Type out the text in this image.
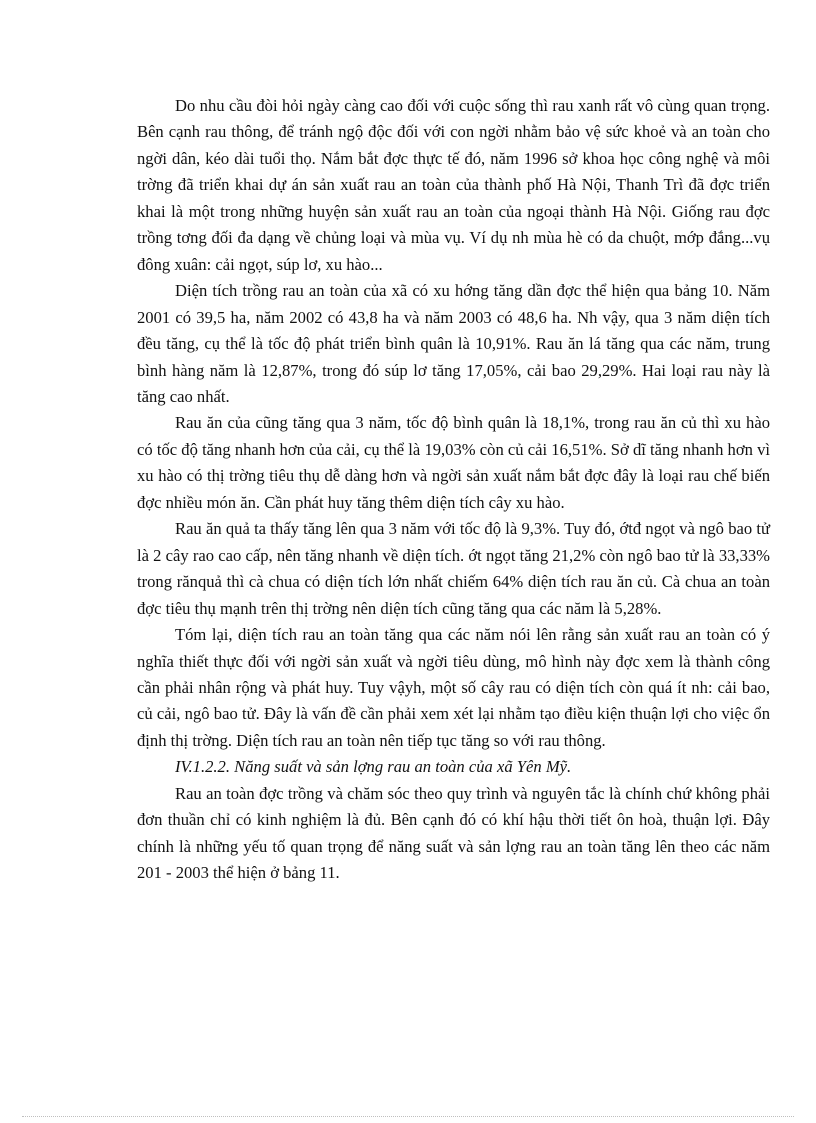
Do nhu cầu đòi hỏi ngày càng cao đối với cuộc sống thì rau xanh rất vô cùng quan trọng. Bên cạnh rau thông, để tránh ngộ độc đối với con ngời nhằm bảo vệ sức khoẻ và an toàn cho ngời dân, kéo dài tuổi thọ. Nắm bắt đợc thực tế đó, năm 1996 sở khoa học công nghệ và môi trờng đã triển khai dự án sản xuất rau an toàn của thành phố Hà Nội, Thanh Trì đã đợc triển khai là một trong những huyện sản xuất rau an toàn của ngoại thành Hà Nội. Giống rau đợc trồng tơng đối đa dạng về chủng loại và mùa vụ. Ví dụ nh mùa hè có da chuột, mớp đắng...vụ đông xuân: cải ngọt, súp lơ, xu hào...

Diện tích trồng rau an toàn của xã có xu hớng tăng dần đợc thể hiện qua bảng 10. Năm 2001 có 39,5 ha, năm 2002 có 43,8 ha và năm 2003 có 48,6 ha. Nh vậy, qua 3 năm diện tích đều tăng, cụ thể là tốc độ phát triển bình quân là 10,91%. Rau ăn lá tăng qua các năm, trung bình hàng năm là 12,87%, trong đó súp lơ tăng 17,05%, cải bao 29,29%. Hai loại rau này là tăng cao nhất.

Rau ăn của cũng tăng qua 3 năm, tốc độ bình quân là 18,1%, trong rau ăn củ thì xu hào có tốc độ tăng nhanh hơn của cải, cụ thể là 19,03% còn củ cải 16,51%. Sở dĩ tăng nhanh hơn vì xu hào có thị trờng tiêu thụ dễ dàng hơn và ngời sản xuất nắm bắt đợc đây là loại rau chế biến đợc nhiều món ăn. Cần phát huy tăng thêm diện tích cây xu hào.

Rau ăn quả ta thấy tăng lên qua 3 năm với tốc độ là 9,3%. Tuy đó, ớtđ ngọt và ngô bao tử là 2 cây rao cao cấp, nên tăng nhanh về diện tích. ớt ngọt tăng 21,2% còn ngô bao tử là 33,33% trong rănquả thì cà chua có diện tích lớn nhất chiếm 64% diện tích rau ăn củ. Cà chua an toàn đợc tiêu thụ mạnh trên thị trờng nên diện tích cũng tăng qua các năm là 5,28%.

Tóm lại, diện tích rau an toàn tăng qua các năm nói lên rằng sản xuất rau an toàn có ý nghĩa thiết thực đối với ngời sản xuất và ngời tiêu dùng, mô hình này đợc xem là thành công cần phải nhân rộng và phát huy. Tuy vậyh, một số cây rau có diện tích còn quá ít nh: cải bao, củ cải, ngô bao tử. Đây là vấn đề cần phải xem xét lại nhằm tạo điều kiện thuận lợi cho việc ổn định thị trờng. Diện tích rau an toàn nên tiếp tục tăng so với rau thông.

IV.1.2.2. Năng suất và sản lợng rau an toàn của xã Yên Mỹ.

Rau an toàn đợc trồng và chăm sóc theo quy trình và nguyên tắc là chính chứ không phải đơn thuần chỉ có kinh nghiệm là đủ. Bên cạnh đó có khí hậu thời tiết ôn hoà, thuận lợi. Đây chính là những yếu tố quan trọng để năng suất và sản lợng rau an toàn tăng lên theo các năm 201 - 2003 thể hiện ở bảng 11.
